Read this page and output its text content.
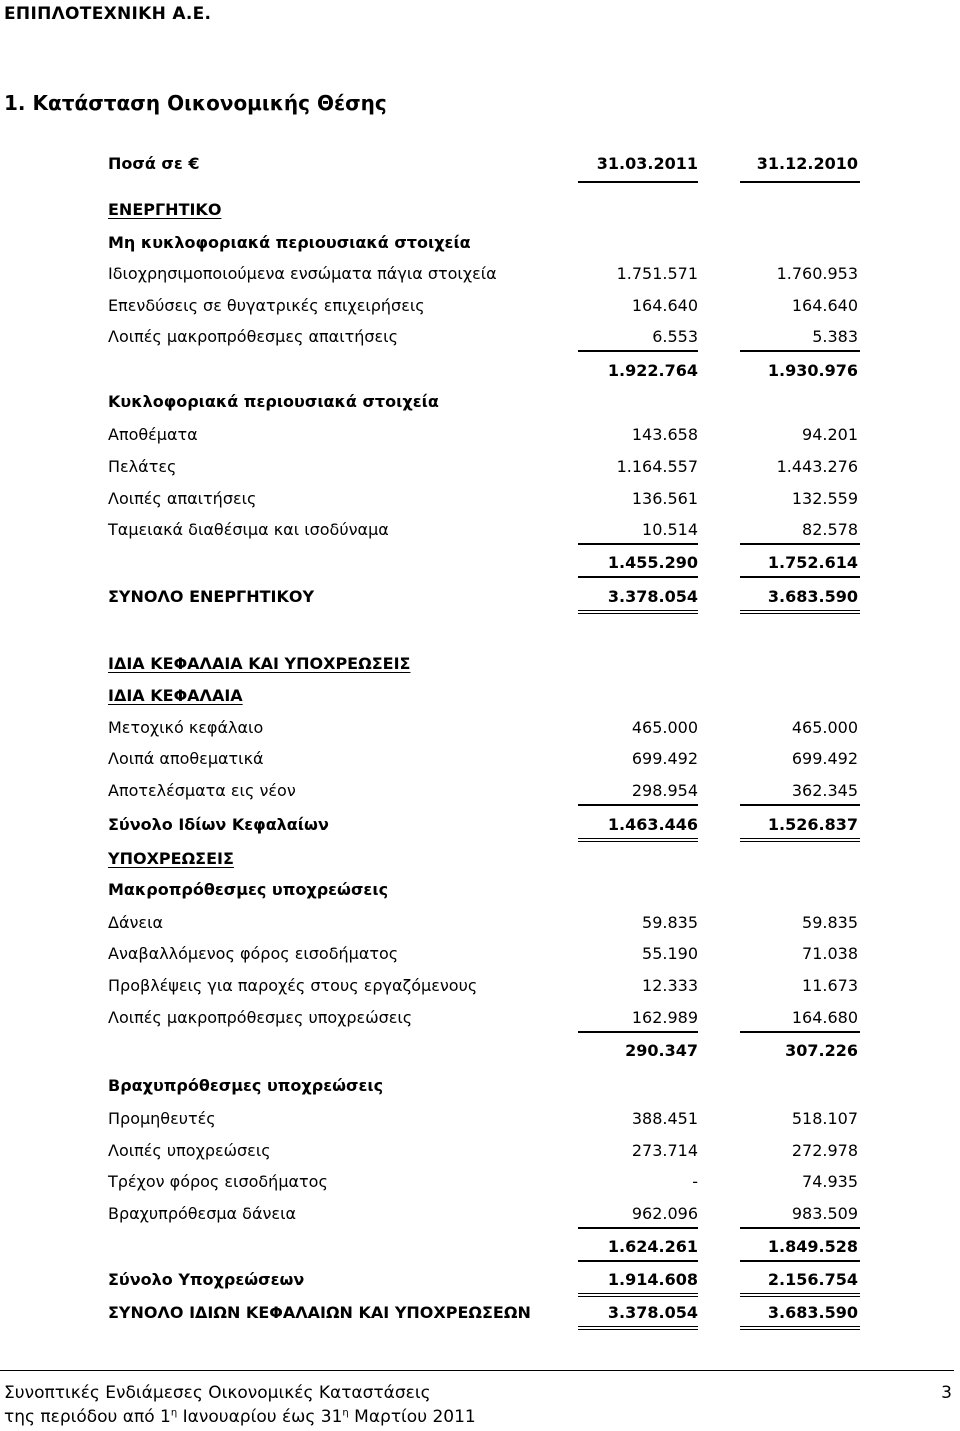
ΕΠΙΠΛΟΤΕΧΝΙΚΗ Α.Ε.
1. Κατάσταση Οικονομικής Θέσης
Ποσά σε €	31.03.2011	31.12.2010
ΕΝΕΡΓΗΤΙΚΟ
Μη κυκλοφοριακά περιουσιακά στοιχεία
Ιδιοχρησιμοποιούμενα ενσώματα πάγια στοιχεία	1.751.571	1.760.953
Επενδύσεις σε θυγατρικές επιχειρήσεις	164.640	164.640
Λοιπές μακροπρόθεσμες απαιτήσεις	6.553	5.383
1.922.764	1.930.976
Κυκλοφοριακά περιουσιακά στοιχεία
Αποθέματα	143.658	94.201
Πελάτες	1.164.557	1.443.276
Λοιπές απαιτήσεις	136.561	132.559
Ταμειακά διαθέσιμα και ισοδύναμα	10.514	82.578
1.455.290	1.752.614
ΣΥΝΟΛΟ ΕΝΕΡΓΗΤΙΚΟΥ	3.378.054	3.683.590
ΙΔΙΑ ΚΕΦΑΛΑΙΑ ΚΑΙ ΥΠΟΧΡΕΩΣΕΙΣ
ΙΔΙΑ ΚΕΦΑΛΑΙΑ
Μετοχικό κεφάλαιο	465.000	465.000
Λοιπά αποθεματικά	699.492	699.492
Αποτελέσματα εις νέον	298.954	362.345
Σύνολο Ιδίων Κεφαλαίων	1.463.446	1.526.837
ΥΠΟΧΡΕΩΣΕΙΣ
Μακροπρόθεσμες υποχρεώσεις
Δάνεια	59.835	59.835
Αναβαλλόμενος φόρος εισοδήματος	55.190	71.038
Προβλέψεις για παροχές στους εργαζόμενους	12.333	11.673
Λοιπές μακροπρόθεσμες υποχρεώσεις	162.989	164.680
290.347	307.226
Βραχυπρόθεσμες υποχρεώσεις
Προμηθευτές	388.451	518.107
Λοιπές υποχρεώσεις	273.714	272.978
Τρέχον φόρος εισοδήματος	-	74.935
Βραχυπρόθεσμα δάνεια	962.096	983.509
1.624.261	1.849.528
Σύνολο Υποχρεώσεων	1.914.608	2.156.754
ΣΥΝΟΛΟ ΙΔΙΩΝ ΚΕΦΑΛΑΙΩΝ ΚΑΙ ΥΠΟΧΡΕΩΣΕΩΝ	3.378.054	3.683.590
Συνοπτικές Ενδιάμεσες Οικονομικές Καταστάσεις
της περιόδου από $1^\eta$ Ιανουαρίου έως $31^\eta$ Μαρτίου 2011
3
